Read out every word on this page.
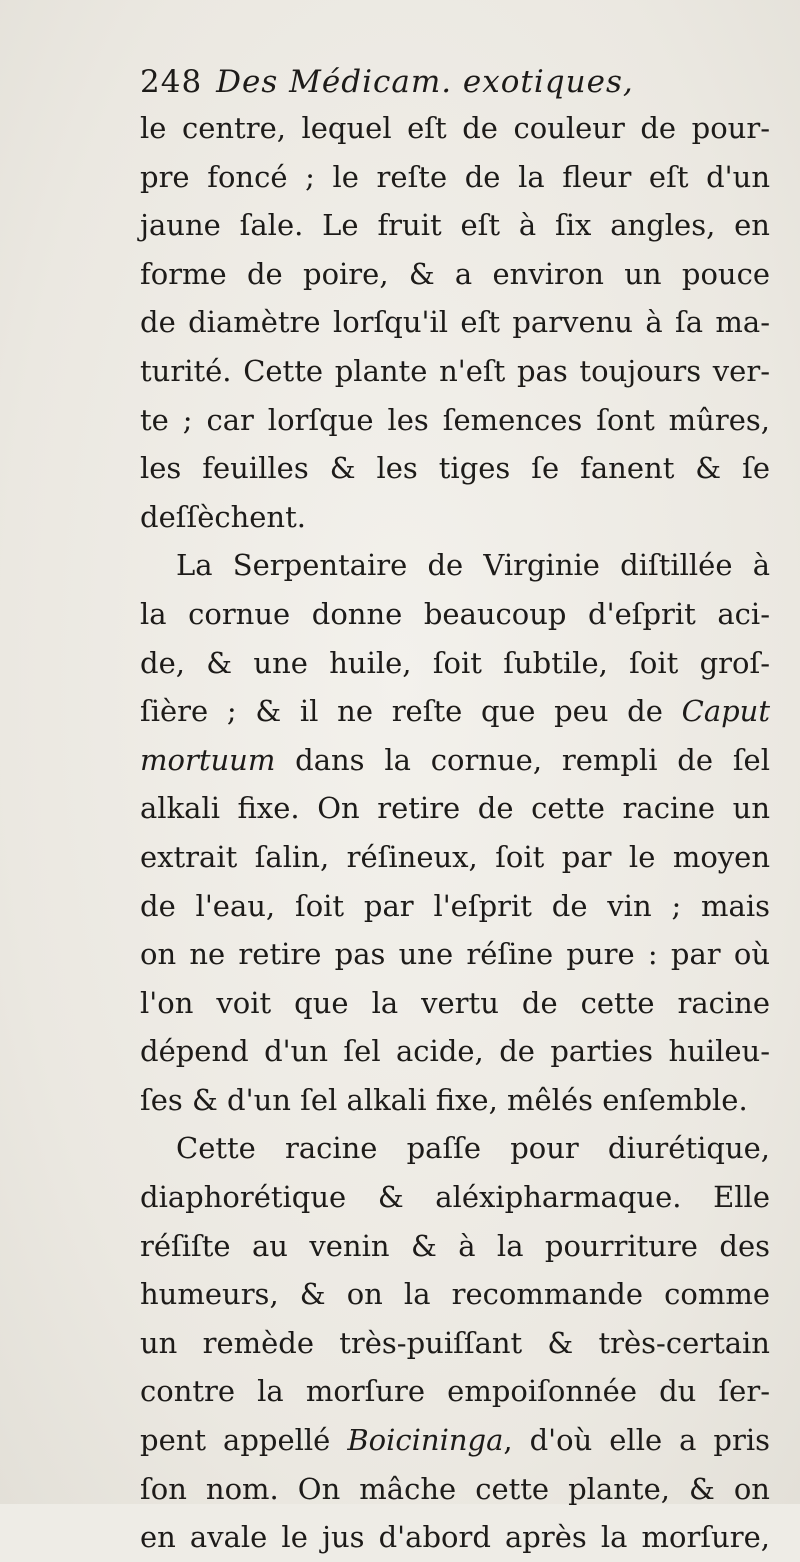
248 Des Médicam. exotiques,
le centre, lequel eſt de couleur de pour-
pre foncé ; le reſte de la fleur eſt d'un
jaune ſale. Le fruit eſt à ſix angles, en
forme de poire, & a environ un pouce
de diamètre lorſqu'il eſt parvenu à ſa ma-
turité. Cette plante n'eſt pas toujours ver-
te ; car lorſque les ſemences ſont mûres,
les feuilles & les tiges ſe fanent & ſe
deſſèchent.
La Serpentaire de Virginie diſtillée à
la cornue donne beaucoup d'eſprit aci-
de, & une huile, ſoit ſubtile, ſoit groſ-
ſière ; & il ne reſte que peu de Caput
mortuum dans la cornue, rempli de ſel
alkali fixe. On retire de cette racine un
extrait ſalin, réſineux, ſoit par le moyen
de l'eau, ſoit par l'eſprit de vin ; mais
on ne retire pas une réſine pure : par où
l'on voit que la vertu de cette racine
dépend d'un ſel acide, de parties huileu-
ſes & d'un ſel alkali fixe, mêlés enſemble.
Cette racine paſſe pour diurétique,
diaphorétique & aléxipharmaque. Elle
réſiſte au venin & à la pourriture des
humeurs, & on la recommande comme
un remède très-puiſſant & très-certain
contre la morſure empoiſonnée du ſer-
pent appellé Boicininga, d'où elle a pris
ſon nom. On mâche cette plante, & on
en avale le jus d'abord après la morſure,
